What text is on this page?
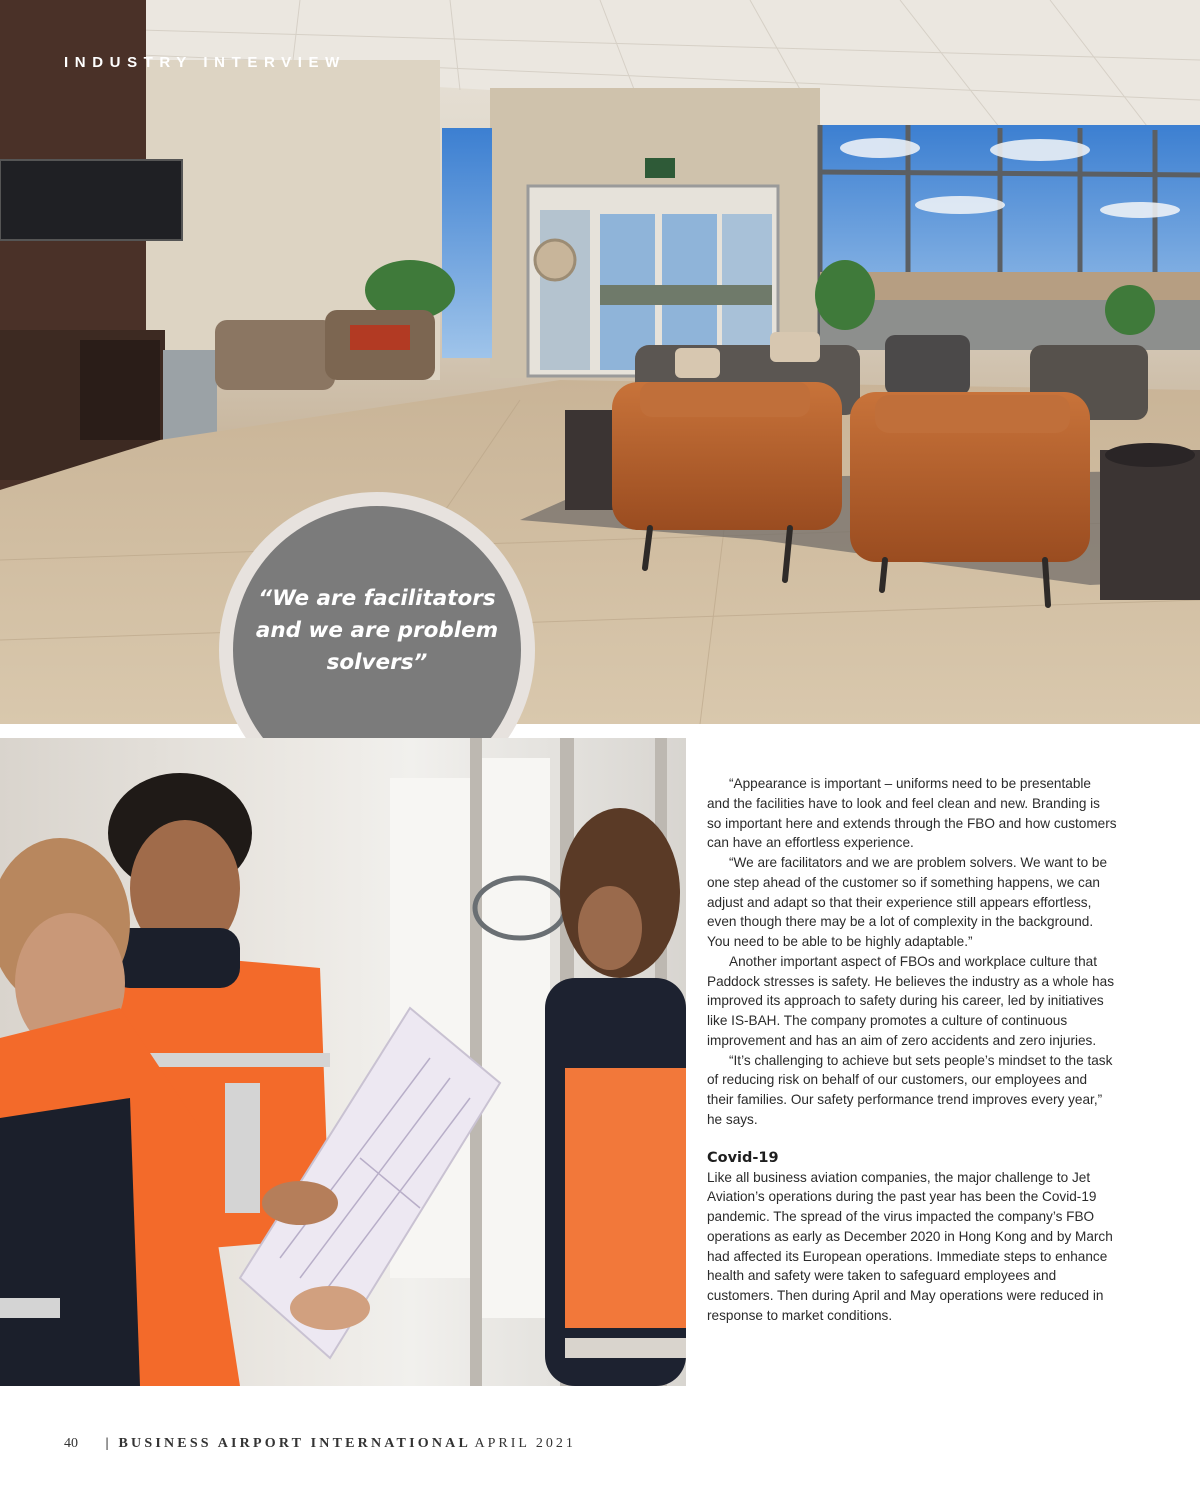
INDUSTRY INTERVIEW
“We are facilitators
and we are problem
solvers”

“Appearance is important – uniforms need to be presentable and the facilities have to look and feel clean and new. Branding is so important here and extends through the FBO and how customers can have an effortless experience.

“We are facilitators and we are problem solvers. We want to be one step ahead of the customer so if something happens, we can adjust and adapt so that their experience still appears effortless, even though there may be a lot of complexity in the background. You need to be able to be highly adaptable.”

Another important aspect of FBOs and workplace culture that Paddock stresses is safety. He believes the industry as a whole has improved its approach to safety during his career, led by initiatives like IS-BAH. The company promotes a culture of continuous improvement and has an aim of zero accidents and zero injuries.

“It’s challenging to achieve but sets people’s mindset to the task of reducing risk on behalf of our customers, our employees and their families. Our safety performance trend improves every year,” he says.

Covid-19

Like all business aviation companies, the major challenge to Jet Aviation’s operations during the past year has been the Covid-19 pandemic. The spread of the virus impacted the company’s FBO operations as early as December 2020 in Hong Kong and by March had affected its European operations. Immediate steps to enhance health and safety were taken to safeguard employees and customers. Then during April and May operations were reduced in response to market conditions.

40 | BUSINESS AIRPORT INTERNATIONAL APRIL 2021
